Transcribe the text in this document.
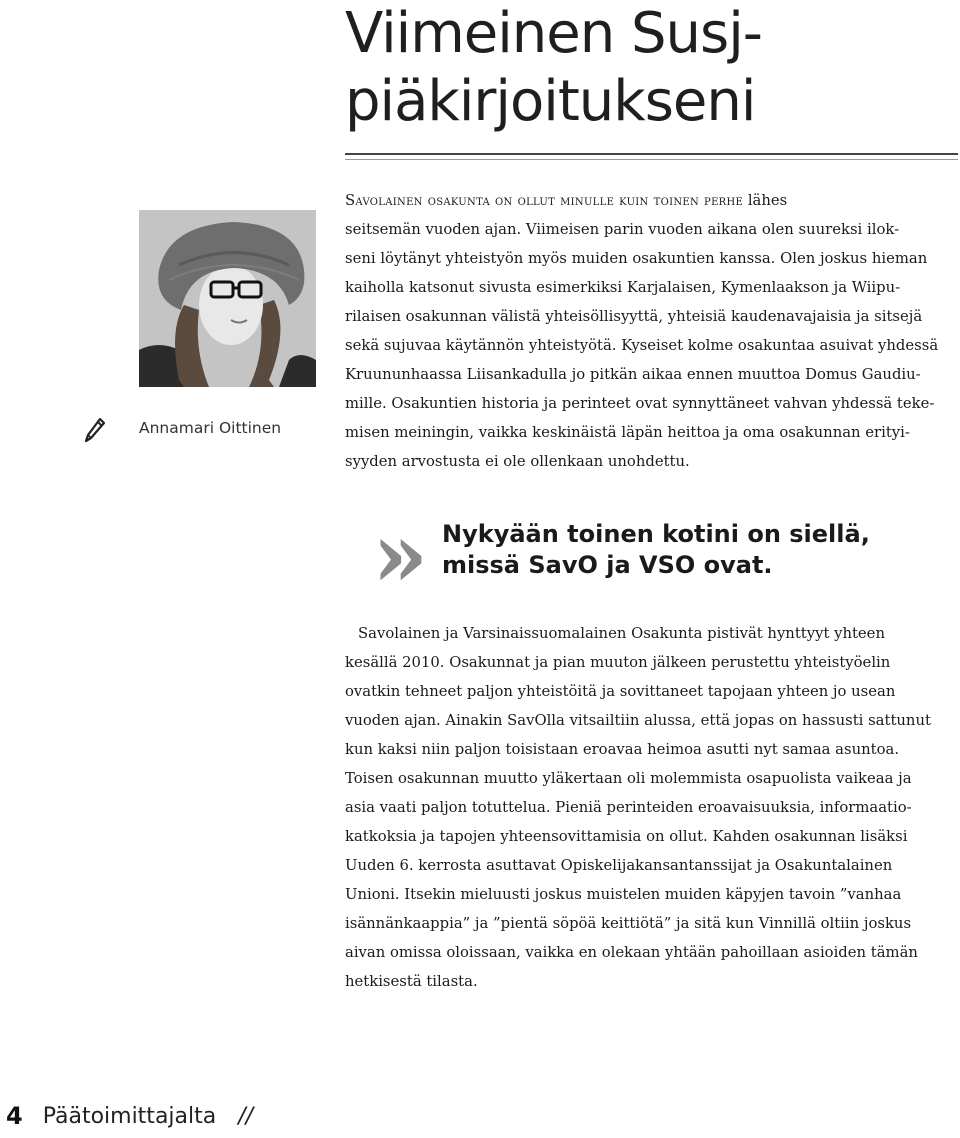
Viimeinen Susj-
piäkirjoitukseni
Annamari Oittinen
Savolainen osakunta on ollut minulle kuin toinen perhe lähes
seitsemän vuoden ajan. Viimeisen parin vuoden aikana olen suureksi ilok-
seni löytänyt yhteistyön myös muiden osakuntien kanssa. Olen joskus hieman
kaiholla katsonut sivusta esimerkiksi Karjalaisen, Kymenlaakson ja Wiipu-
rilaisen osakunnan välistä yhteisöllisyyttä, yhteisiä kaudenavajaisia ja sitsejä
sekä sujuvaa käytännön yhteistyötä. Kyseiset kolme osakuntaa asuivat yhdessä
Kruununhaassa Liisankadulla jo pitkän aikaa ennen muuttoa Domus Gaudiu-
mille. Osakuntien historia ja perinteet ovat synnyttäneet vahvan yhdessä teke-
misen meiningin, vaikka keskinäistä läpän heittoa ja oma osakunnan erityi-
syyden arvostusta ei ole ollenkaan unohdettu.
» Nykyään toinen kotini on siellä,
missä SavO ja VSO ovat.

Savolainen ja Varsinaissuomalainen Osakunta pistivät hynttyyt yhteen
kesällä 2010. Osakunnat ja pian muuton jälkeen perustettu yhteistyöelin
ovatkin tehneet paljon yhteistöitä ja sovittaneet tapojaan yhteen jo usean
vuoden ajan. Ainakin SavOlla vitsailtiin alussa, että jopas on hassusti sattunut
kun kaksi niin paljon toisistaan eroavaa heimoa asutti nyt samaa asuntoa.
Toisen osakunnan muutto yläkertaan oli molemmista osapuolista vaikeaa ja
asia vaati paljon totuttelua. Pieniä perinteiden eroavaisuuksia, informaatio-
katkoksia ja tapojen yhteensovittamisia on ollut. Kahden osakunnan lisäksi
Uuden 6. kerrosta asuttavat Opiskelijakansantanssijat ja Osakuntalainen
Unioni. Itsekin mieluusti joskus muistelen muiden käpyjen tavoin ”vanhaa
isännänkaappia” ja ”pientä söpöä keittiötä” ja sitä kun Vinnillä oltiin joskus
aivan omissa oloissaan, vaikka en olekaan yhtään pahoillaan asioiden tämän
hetkisestä tilasta.
4 Päätoimittajalta //
